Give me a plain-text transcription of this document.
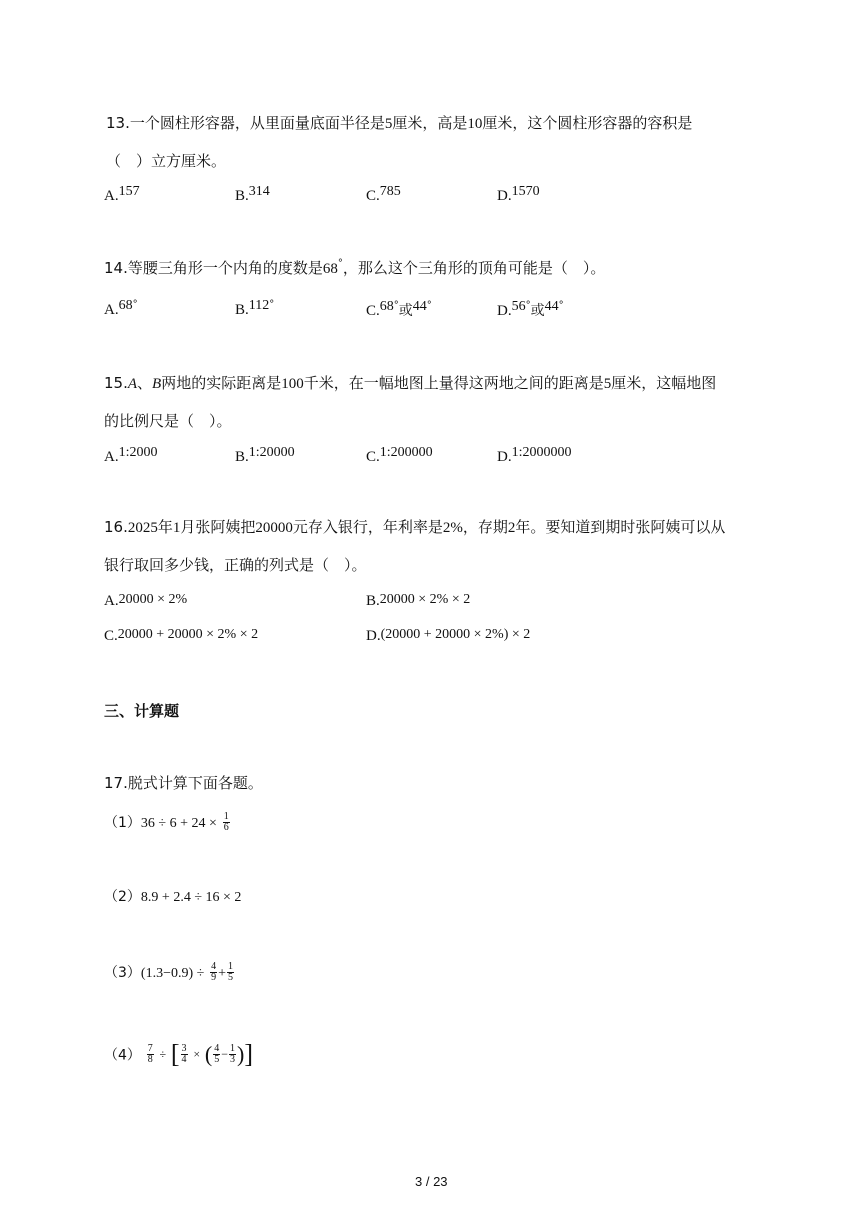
13.一个圆柱形容器，从里面量底面半径是5厘米，高是10厘米，这个圆柱形容器的容积是
（　）立方厘米。
A.157	B.314	C.785	D.1570
14.等腰三角形一个内角的度数是68°，那么这个三角形的顶角可能是（　）。
A.68°	B.112°	C.68°或44°	D.56°或44°
15.A、B两地的实际距离是100千米，在一幅地图上量得这两地之间的距离是5厘米，这幅地图
的比例尺是（　）。
A.1:2000	B.1:20000	C.1:200000	D.1:2000000
16.2025年1月张阿姨把20000元存入银行，年利率是2%，存期2年。要知道到期时张阿姨可以从
银行取回多少钱，正确的列式是（　）。
A.20000 × 2%	B.20000 × 2% × 2
C.20000 + 20000 × 2% × 2	D.(20000 + 20000 × 2%) × 2
三、计算题
17.脱式计算下面各题。
$(1)36 \div 6 + 24 \times \frac{1}{6}$
（2）8.9 + 2.4 ÷ 16 × 2
$(3)(1.3-0.9) \div \frac{4}{9} + \frac{1}{5}$
$(4) \frac{7}{8}$ ÷ [ $\frac{3}{4}$ × ( $\frac{4}{5} - \frac{1}{3}$ )]
3 / 23
